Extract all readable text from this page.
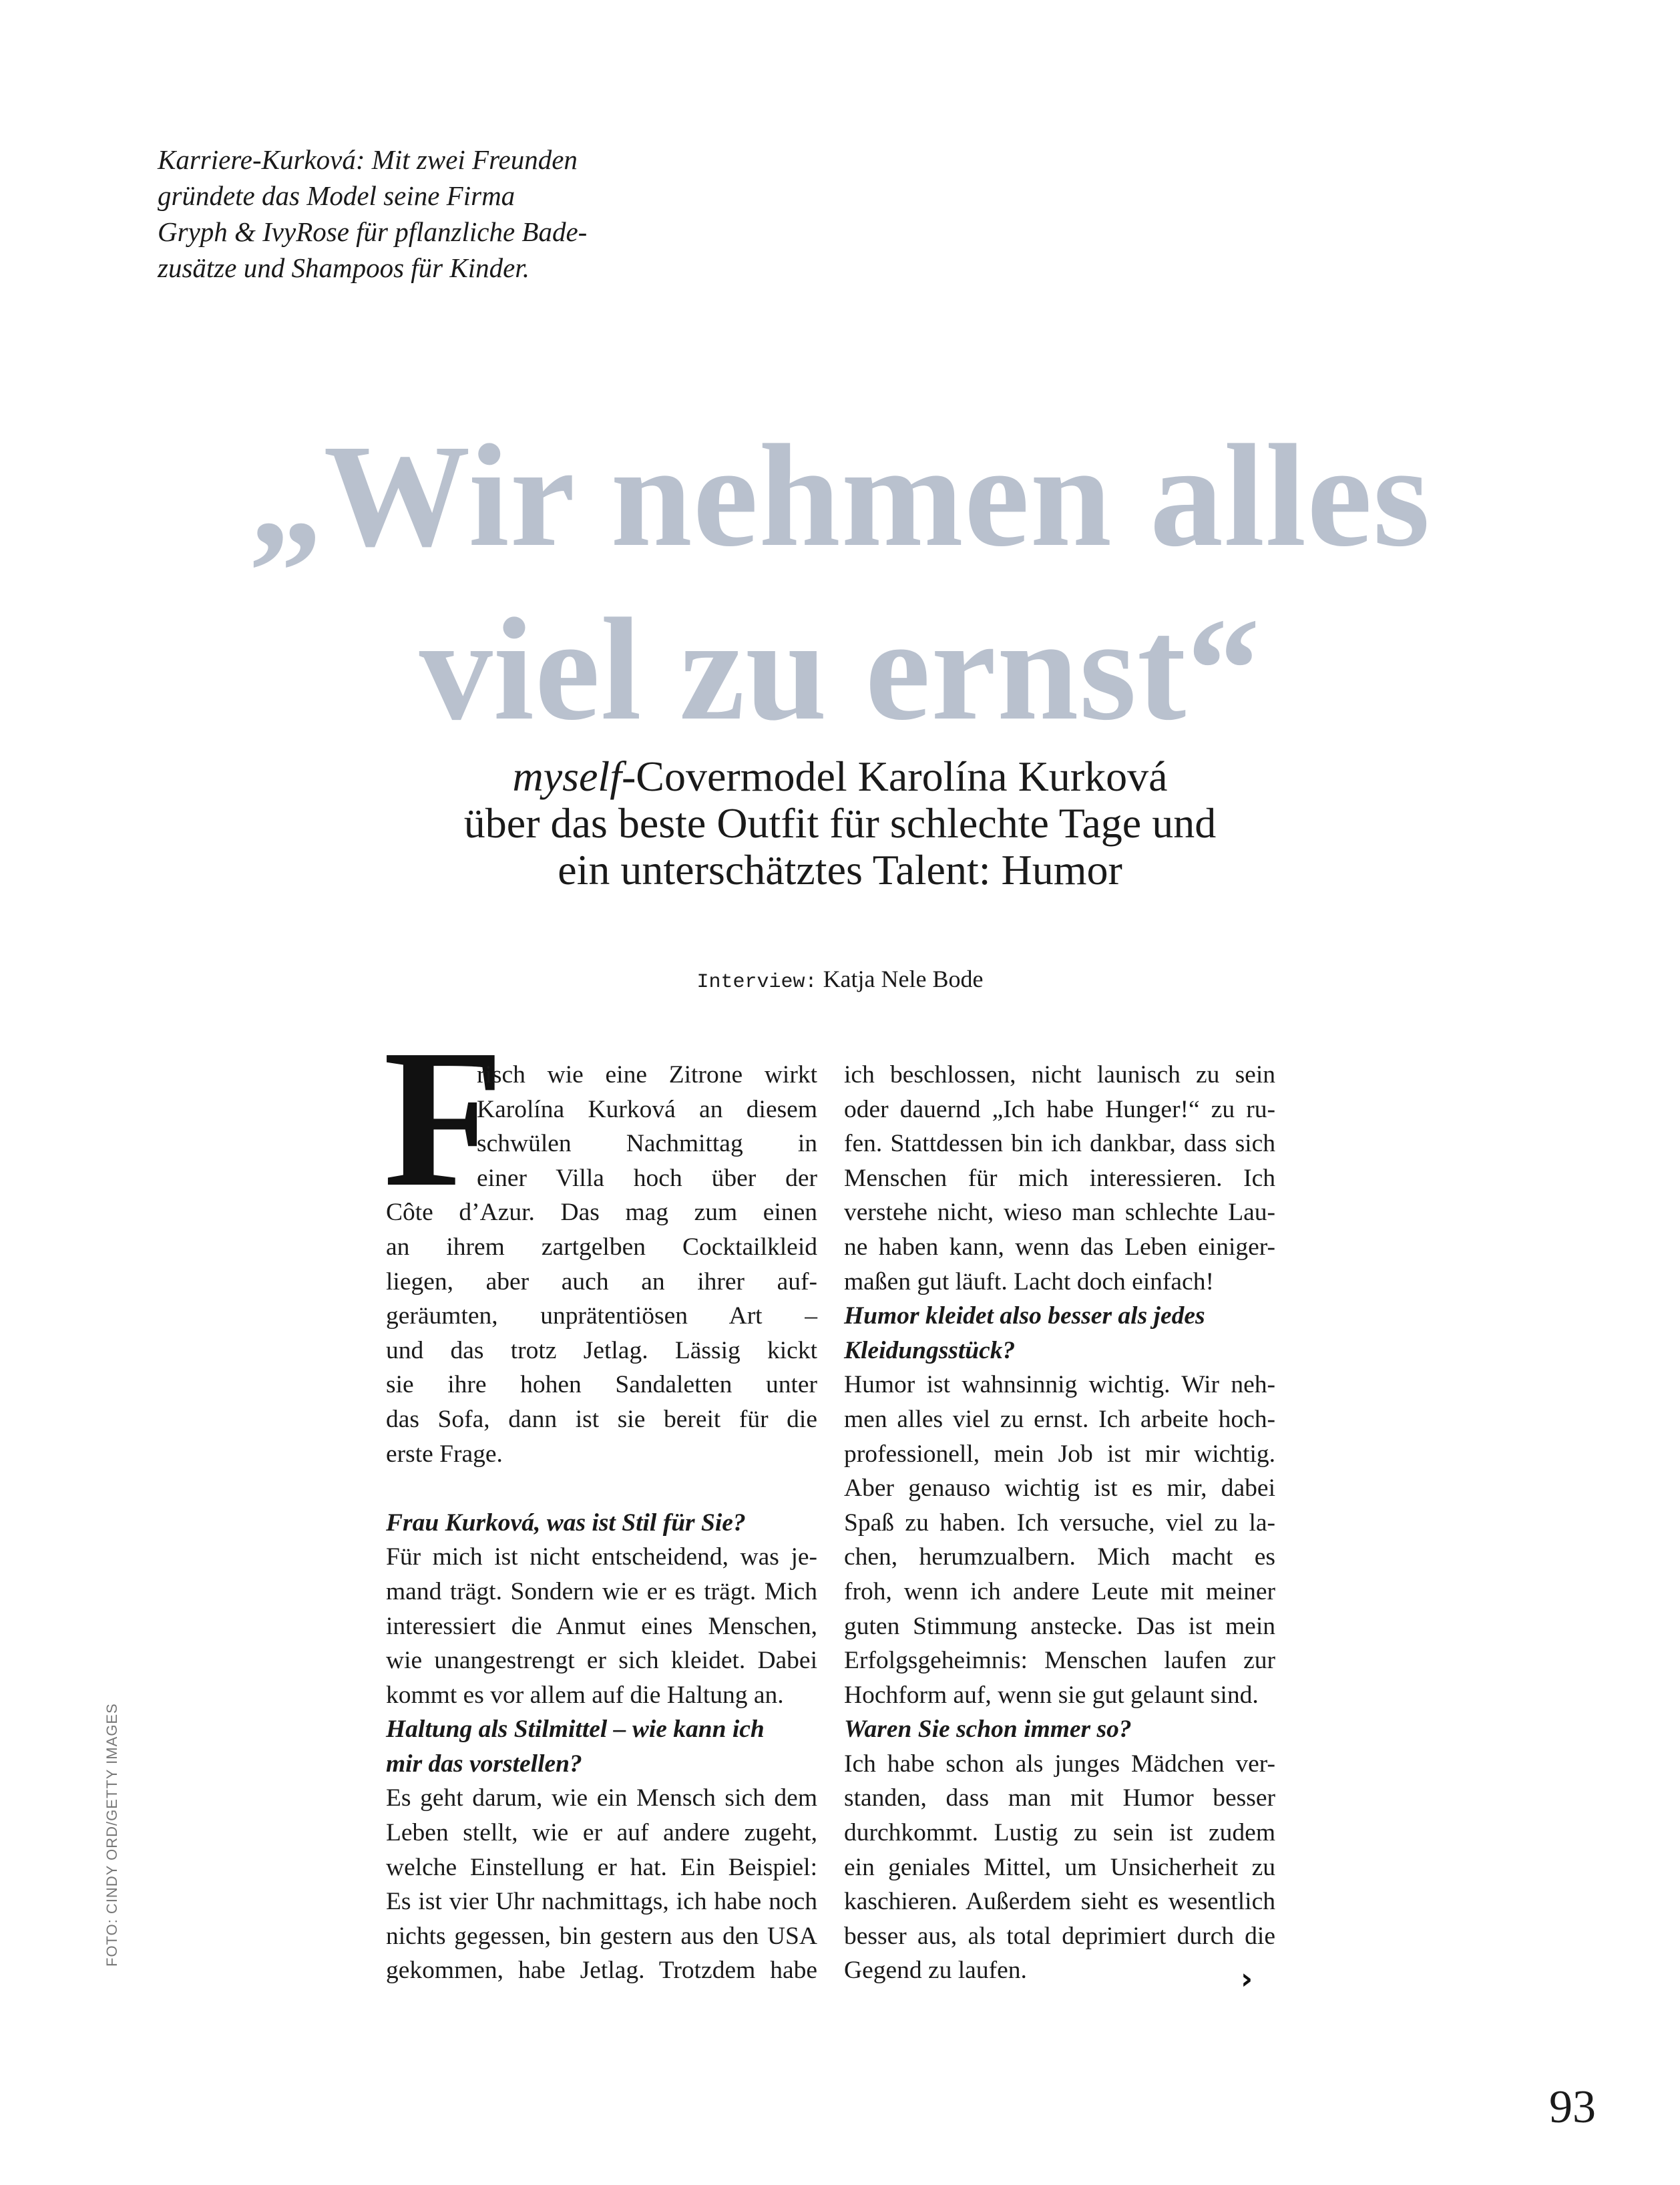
Karriere-Kurková: Mit zwei Freunden
gründete das Model seine Firma
Gryph & IvyRose für pflanzliche Bade-
zusätze und Shampoos für Kinder.
„Wir nehmen alles
viel zu ernst“
myself-Covermodel Karolína Kurková
über das beste Outfit für schlechte Tage und
ein unterschätztes Talent: Humor
Interview: Katja Nele Bode
F
risch wie eine Zitrone wirkt
Karolína Kurková an diesem
schwülen Nachmittag in
einer Villa hoch über der
Côte d’Azur. Das mag zum einen
an ihrem zartgelben Cocktailkleid
liegen, aber auch an ihrer auf-
geräumten, unprätentiösen Art –
und das trotz Jetlag. Lässig kickt
sie ihre hohen Sandaletten unter
das Sofa, dann ist sie bereit für die
erste Frage.
Frau Kurková, was ist Stil für Sie?
Für mich ist nicht entscheidend, was je-
mand trägt. Sondern wie er es trägt. Mich
interessiert die Anmut eines Menschen,
wie unangestrengt er sich kleidet. Dabei
kommt es vor allem auf die Haltung an.
Haltung als Stilmittel – wie kann ich
mir das vorstellen?
Es geht darum, wie ein Mensch sich dem
Leben stellt, wie er auf andere zugeht,
welche Einstellung er hat. Ein Beispiel:
Es ist vier Uhr nachmittags, ich habe noch
nichts gegessen, bin gestern aus den USA
gekommen, habe Jetlag. Trotzdem habe
ich beschlossen, nicht launisch zu sein
oder dauernd „Ich habe Hunger!“ zu ru-
fen. Stattdessen bin ich dankbar, dass sich
Menschen für mich interessieren. Ich
verstehe nicht, wieso man schlechte Lau-
ne haben kann, wenn das Leben einiger-
maßen gut läuft. Lacht doch einfach!
Humor kleidet also besser als jedes
Kleidungsstück?
Humor ist wahnsinnig wichtig. Wir neh-
men alles viel zu ernst. Ich arbeite hoch-
professionell, mein Job ist mir wichtig.
Aber genauso wichtig ist es mir, dabei
Spaß zu haben. Ich versuche, viel zu la-
chen, herumzualbern. Mich macht es
froh, wenn ich andere Leute mit meiner
guten Stimmung anstecke. Das ist mein
Erfolgsgeheimnis: Menschen laufen zur
Hochform auf, wenn sie gut gelaunt sind.
Waren Sie schon immer so?
Ich habe schon als junges Mädchen ver-
standen, dass man mit Humor besser
durchkommt. Lustig zu sein ist zudem
ein geniales Mittel, um Unsicherheit zu
kaschieren. Außerdem sieht es wesentlich
besser aus, als total deprimiert durch die
Gegend zu laufen.	›
FOTO: CINDY ORD/GETTY IMAGES
93
